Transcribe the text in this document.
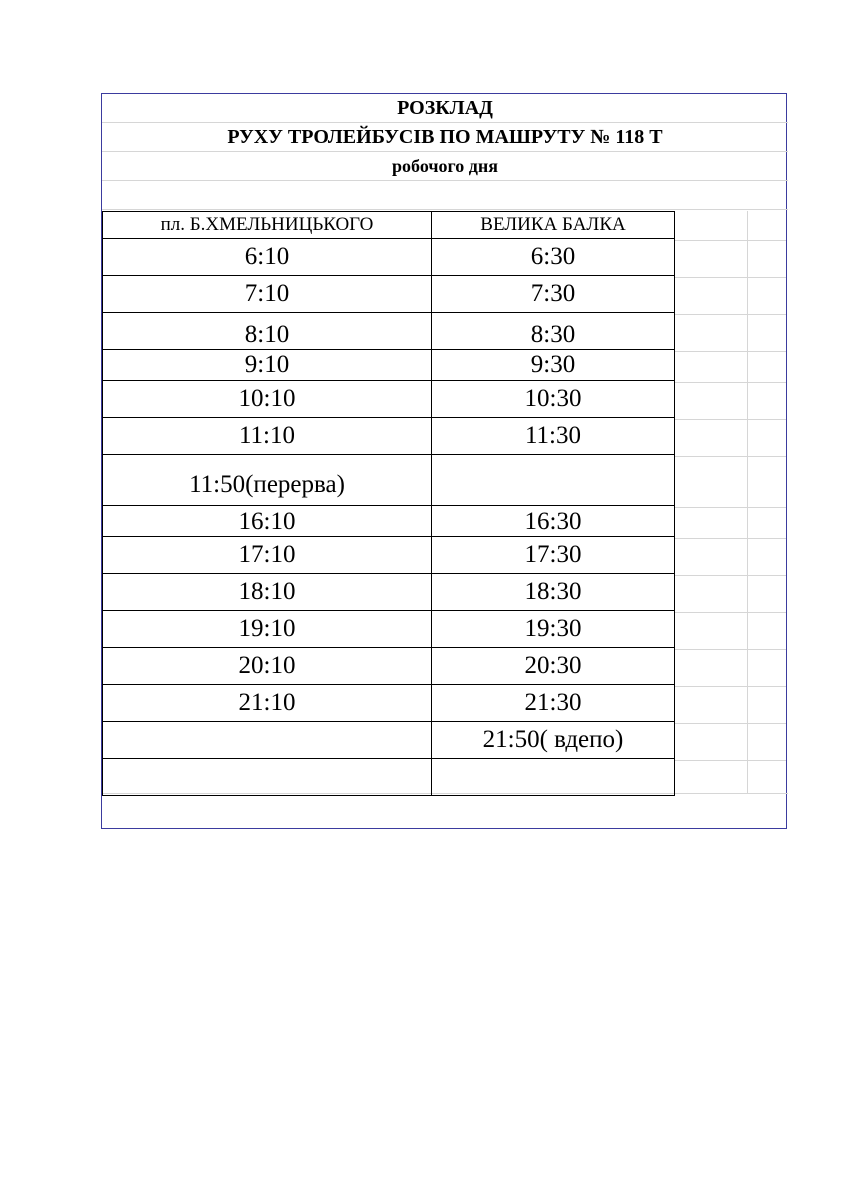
РОЗКЛАД
РУХУ ТРОЛЕЙБУСІВ ПО МАШРУТУ № 118 Т
робочого дня
пл. Б.ХМЕЛЬНИЦЬКОГО	ВЕЛИКА БАЛКА
6:10	6:30
7:10	7:30
8:10	8:30
9:10	9:30
10:10	10:30
11:10	11:30
11:50(перерва)	
16:10	16:30
17:10	17:30
18:10	18:30
19:10	19:30
20:10	20:30
21:10	21:30
	21:50( вдепо)
